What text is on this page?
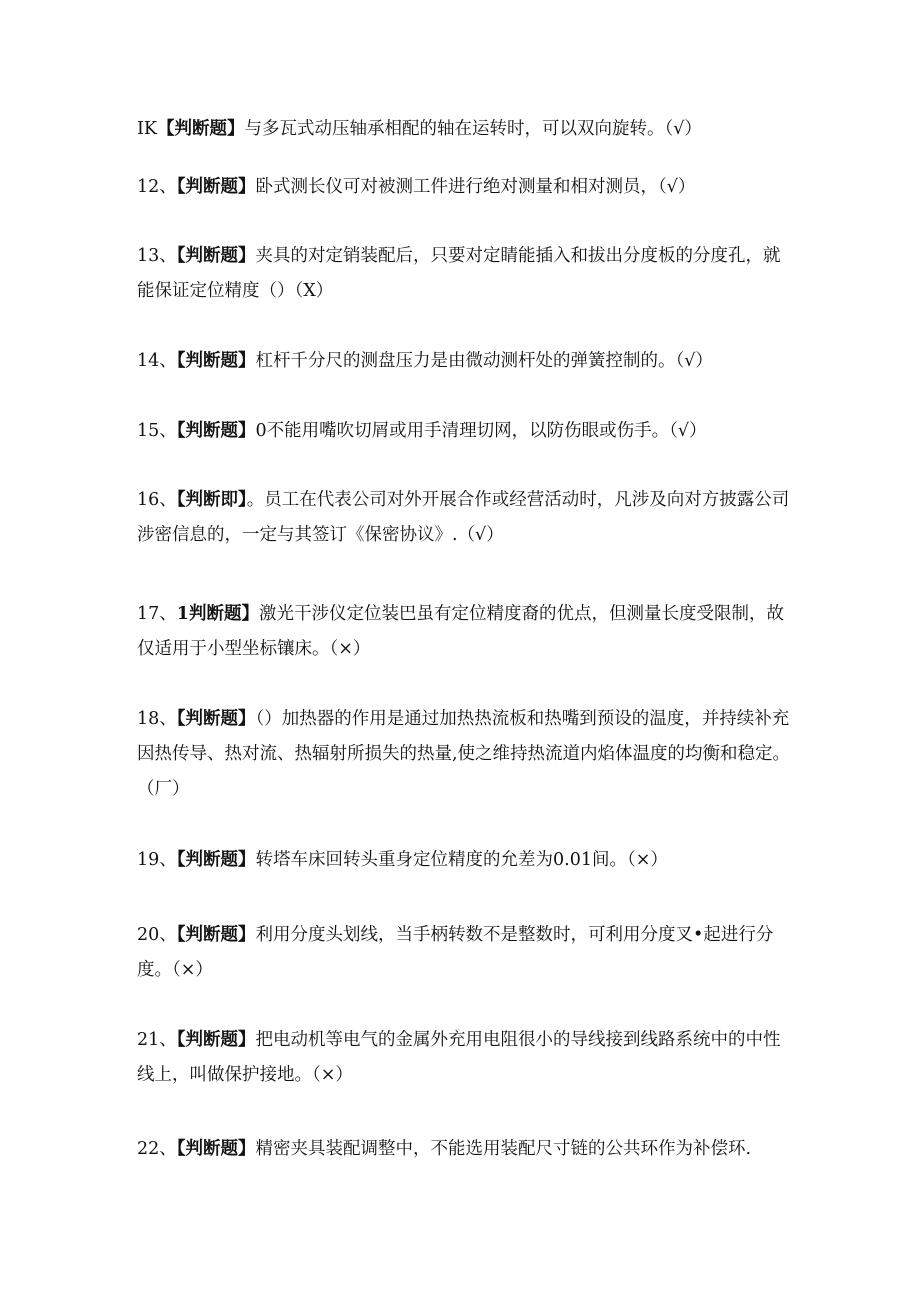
IK【判断题】与多瓦式动压轴承相配的轴在运转时，可以双向旋转。（√）

12、【判断题】卧式测长仪可对被测工件进行绝对测量和相对测员，（√）

13、【判断题】夹具的对定销装配后，只要对定睛能插入和拔出分度板的分度孔，就能保证定位精度（）（X）

14、【判断题】杠杆千分尺的测盘压力是由微动测杆处的弹簧控制的。（√）

15、【判断题】0不能用嘴吹切屑或用手清理切网，以防伤眼或伤手。（√）

16、【判断即】。员工在代表公司对外开展合作或经营活动时，凡涉及向对方披露公司涉密信息的，一定与其签订《保密协议》.（√）

17、1判断题】激光干涉仪定位装巴虽有定位精度裔的优点，但测量长度受限制，故仅适用于小型坐标镶床。（×）

18、【判断题】（）加热器的作用是通过加热热流板和热嘴到预设的温度，并持续补充因热传导、热对流、热辐射所损失的热量,使之维持热流道内焰体温度的均衡和稳定。（厂）

19、【判断题】转塔车床回转头重身定位精度的允差为0.01间。（×）

20、【判断题】利用分度头划线，当手柄转数不是整数时，可利用分度叉•起进行分度。（×）

21、【判断题】把电动机等电气的金属外充用电阻很小的导线接到线路系统中的中性线上，叫做保护接地。（×）

22、【判断题】精密夹具装配调整中，不能选用装配尺寸链的公共环作为补偿环.
